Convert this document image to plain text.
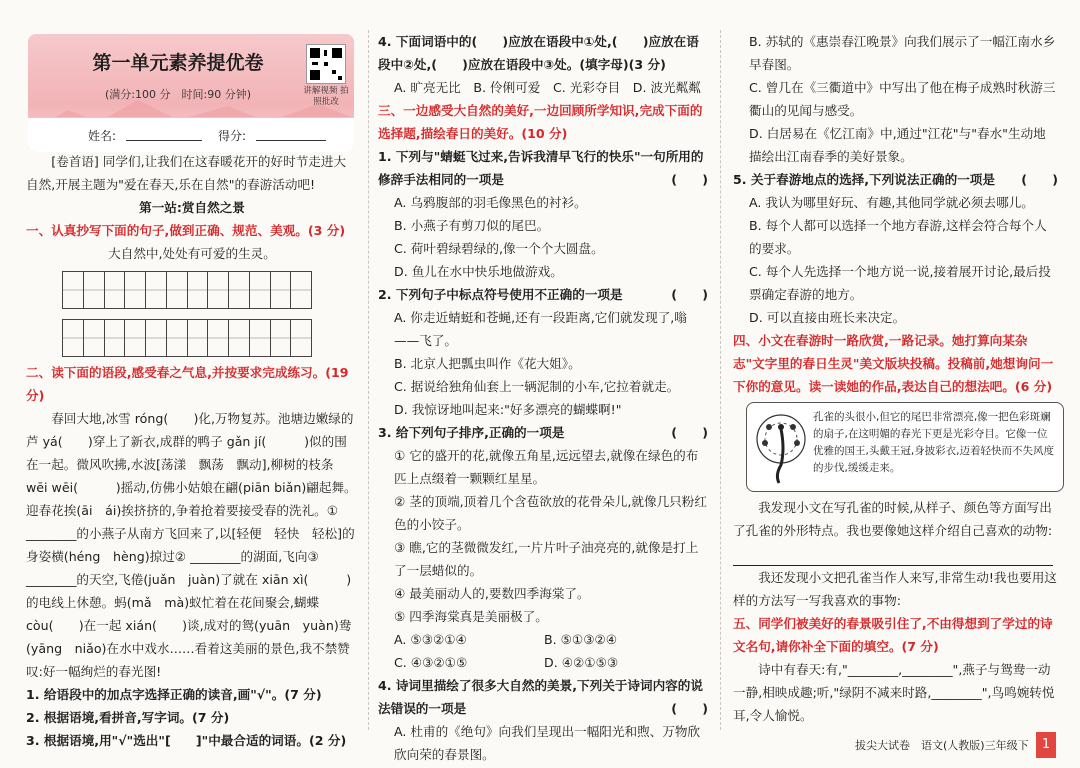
第一单元素养提优卷
(满分:100 分　时间:90 分钟)	讲解视频 拍照批改
姓名:	得分:

[卷首语] 同学们,让我们在这春暖花开的好时节走进大自然,开展主题为"爱在春天,乐在自然"的春游活动吧!

第一站:赏自然之景

一、认真抄写下面的句子,做到正确、规范、美观。(3 分)

大自然中,处处有可爱的生灵。

二、读下面的语段,感受春之气息,并按要求完成练习。(19 分)

春回大地,冰雪 róng(　　)化,万物复苏。池塘边嫩绿的芦 yá(　　)穿上了新衣,成群的鸭子 gǎn jí(　　　)似的围在一起。微风吹拂,水波[荡漾　飘荡　飘动],柳树的枝条 wēi wēi(　　　)摇动,仿佛小姑娘在翩(piān biǎn)翩起舞。迎春花挨(āi　ái)挨挤挤的,争着抢着要接受春的洗礼。① ________的小燕子从南方飞回来了,以[轻便　轻快　轻松]的身姿横(héng　hèng)掠过② ________的湖面,飞向③ ________的天空,飞倦(juǎn　juàn)了就在 xiān xì(　　　)的电线上休憩。蚂(mǎ　mà)蚁忙着在花间聚会,蝴蝶 còu(　　)在一起 xián(　　)谈,成对的鸳(yuān　yuàn)鸯(yāng　niǎo)在水中戏水……看着这美丽的景色,我不禁赞叹:好一幅绚烂的春光图!

1. 给语段中的加点字选择正确的读音,画"√"。(7 分)

2. 根据语境,看拼音,写字词。(7 分)

3. 根据语境,用"√"选出"[　　]"中最合适的词语。(2 分)

4. 下面词语中的(　　)应放在语段中①处,(　　)应放在语段中②处,(　　)应放在语段中③处。(填字母)(3 分)

A. 旷亮无比　B. 伶俐可爱　C. 光彩夺目　D. 波光粼粼

三、一边感受大自然的美好,一边回顾所学知识,完成下面的选择题,描绘春日的美好。(10 分)

1. 下列与"蜻蜓飞过来,告诉我清早飞行的快乐"一句所用的修辞手法相同的一项是	(　　)

A. 乌鸦腹部的羽毛像黑色的衬衫。

B. 小燕子有剪刀似的尾巴。

C. 荷叶碧绿碧绿的,像一个个大圆盘。

D. 鱼儿在水中快乐地做游戏。

2. 下列句子中标点符号使用不正确的一项是	(　　)

A. 你走近蜻蜓和苍蝇,还有一段距离,它们就发现了,嗡——飞了。

B. 北京人把瓢虫叫作《花大姐》。

C. 据说给独角仙套上一辆泥制的小车,它拉着就走。

D. 我惊讶地叫起来:"好多漂亮的蝴蝶啊!"

3. 给下列句子排序,正确的一项是	(　　)

① 它的盛开的花,就像五角星,远远望去,就像在绿色的布匹上点缀着一颗颗红星星。

② 茎的顶端,顶着几个含苞欲放的花骨朵儿,就像几只粉红色的小饺子。

③ 瞧,它的茎微微发红,一片片叶子油亮亮的,就像是打上了一层蜡似的。

④ 最美丽动人的,要数四季海棠了。

⑤ 四季海棠真是美丽极了。

A. ⑤③②①④	B. ⑤①③②④

C. ④③②①⑤	D. ④②①⑤③

4. 诗词里描绘了很多大自然的美景,下列关于诗词内容的说法错误的一项是	(　　)

A. 杜甫的《绝句》向我们呈现出一幅阳光和煦、万物欣欣向荣的春景图。

B. 苏轼的《惠崇春江晚景》向我们展示了一幅江南水乡早春图。

C. 曾几在《三衢道中》中写出了他在梅子成熟时秋游三衢山的见闻与感受。

D. 白居易在《忆江南》中,通过"江花"与"春水"生动地描绘出江南春季的美好景象。

5. 关于春游地点的选择,下列说法正确的一项是 (　　)

A. 我认为哪里好玩、有趣,其他同学就必须去哪儿。

B. 每个人都可以选择一个地方春游,这样会符合每个人的要求。

C. 每个人先选择一个地方说一说,接着展开讨论,最后投票确定春游的地方。

D. 可以直接由班长来决定。

四、小文在春游时一路欣赏,一路记录。她打算向某杂志"文字里的春日生灵"美文版块投稿。投稿前,她想询问一下你的意见。读一读她的作品,表达自己的想法吧。(6 分)

孔雀的头很小,但它的尾巴非常漂亮,像一把色彩斑斓的扇子,在这明媚的春光下更是光彩夺目。它像一位优雅的国王,头戴王冠,身披彩衣,迈着轻快而不失风度的步伐,缓缓走来。

我发现小文在写孔雀的时候,从样子、颜色等方面写出了孔雀的外形特点。我也要像她这样介绍自己喜欢的动物:

我还发现小文把孔雀当作人来写,非常生动!我也要用这样的方法写一写我喜欢的事物:

五、同学们被美好的春景吸引住了,不由得想到了学过的诗文名句,请你补全下面的填空。(7 分)

诗中有春天:有,"________,________",燕子与鸳鸯一动一静,相映成趣;听,"绿阴不减来时路,________",鸟鸣婉转悦耳,令人愉悦。

拔尖大试卷　语文(人教版)三年级下	1
